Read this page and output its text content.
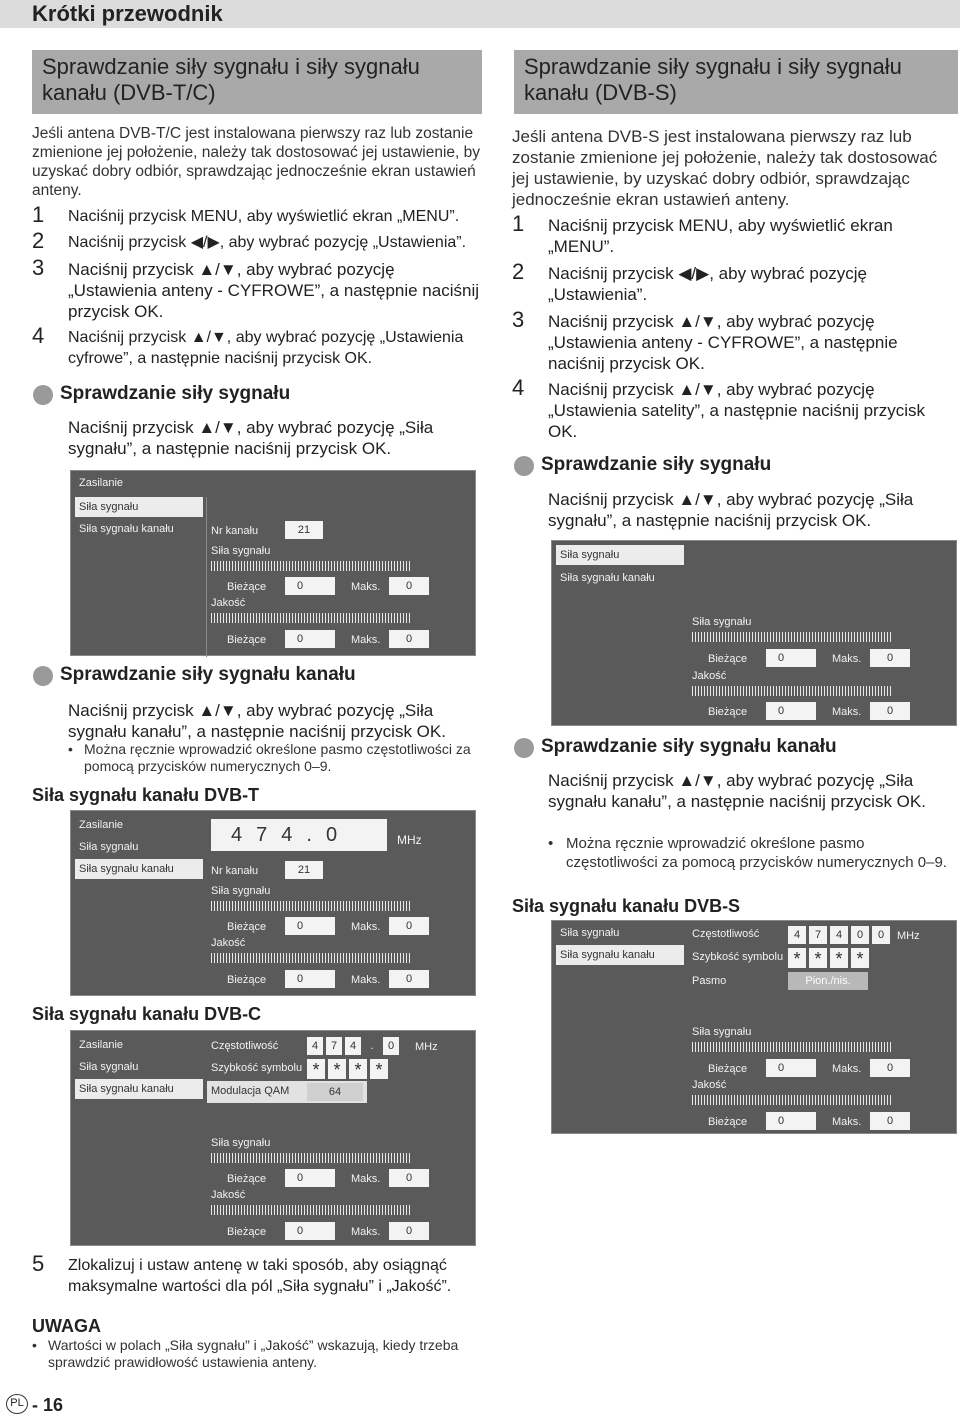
Krótki przewodnik
Sprawdzanie siły sygnału i siły sygnału kanału (DVB-T/C)
Jeśli antena DVB-T/C jest instalowana pierwszy raz lub zostanie zmienione jej położenie, należy tak dostosować jej ustawienie, by uzyskać dobry odbiór, sprawdzając jednocześnie ekran ustawień anteny.
1 Naciśnij przycisk MENU, aby wyświetlić ekran „MENU”.
2 Naciśnij przycisk ◀/▶, aby wybrać pozycję „Ustawienia”.
3 Naciśnij przycisk ▲/▼, aby wybrać pozycję „Ustawienia anteny - CYFROWE”, a następnie naciśnij przycisk OK.
4 Naciśnij przycisk ▲/▼, aby wybrać pozycję „Ustawienia cyfrowe”, a następnie naciśnij przycisk OK.
Sprawdzanie siły sygnału
Naciśnij przycisk ▲/▼, aby wybrać pozycję „Siła sygnału”, a następnie naciśnij przycisk OK.
Zasilanie
Siła sygnału
Siła sygnału kanału	Nr kanału	21
Siła sygnału
Bieżące	0	Maks.	0
Jakość
Bieżące	0	Maks.	0
Sprawdzanie siły sygnału kanału
Naciśnij przycisk ▲/▼, aby wybrać pozycję „Siła sygnału kanału”, a następnie naciśnij przycisk OK.
• Można ręcznie wprowadzić określone pasmo częstotliwości za pomocą przycisków numerycznych 0–9.
Siła sygnału kanału DVB-T
Zasilanie
Siła sygnału
Siła sygnału kanału
4 7 4 . 0	MHz
Nr kanału	21
Siła sygnału
Bieżące	0	Maks.	0
Jakość
Bieżące	0	Maks.	0
Siła sygnału kanału DVB-C
Zasilanie
Siła sygnału
Siła sygnału kanału
Częstotliwość	4	7	4	.	0	MHz
Szybkość symbolu * * * *
Modulacja QAM	64
Siła sygnału
Bieżące	0	Maks.	0
Jakość
Bieżące	0	Maks.	0
5 Zlokalizuj i ustaw antenę w taki sposób, aby osiągnąć maksymalne wartości dla pól „Siła sygnału” i „Jakość”.
UWAGA
• Wartości w polach „Siła sygnału” i „Jakość” wskazują, kiedy trzeba sprawdzić prawidłowość ustawienia anteny.
PL - 16
Sprawdzanie siły sygnału i siły sygnału kanału (DVB-S)
Jeśli antena DVB-S jest instalowana pierwszy raz lub zostanie zmienione jej położenie, należy tak dostosować jej ustawienie, by uzyskać dobry odbiór, sprawdzając jednocześnie ekran ustawień anteny.
1 Naciśnij przycisk MENU, aby wyświetlić ekran „MENU”.
2 Naciśnij przycisk ◀/▶, aby wybrać pozycję „Ustawienia”.
3 Naciśnij przycisk ▲/▼, aby wybrać pozycję „Ustawienia anteny - CYFROWE”, a następnie naciśnij przycisk OK.
4 Naciśnij przycisk ▲/▼, aby wybrać pozycję „Ustawienia satelity”, a następnie naciśnij przycisk OK.
Sprawdzanie siły sygnału
Naciśnij przycisk ▲/▼, aby wybrać pozycję „Siła sygnału”, a następnie naciśnij przycisk OK.
Siła sygnału
Siła sygnału kanału
Siła sygnału
Bieżące	0	Maks.	0
Jakość
Bieżące	0	Maks.	0
Sprawdzanie siły sygnału kanału
Naciśnij przycisk ▲/▼, aby wybrać pozycję „Siła sygnału kanału”, a następnie naciśnij przycisk OK.
• Można ręcznie wprowadzić określone pasmo częstotliwości za pomocą przycisków numerycznych 0–9.
Siła sygnału kanału DVB-S
Siła sygnału
Siła sygnału kanału
Częstotliwość	4	7	4	0	0	MHz
Szybkość symbolu * * * *
Pasmo	Pion./nis.
Siła sygnału
Bieżące	0	Maks.	0
Jakość
Bieżące	0	Maks.	0
